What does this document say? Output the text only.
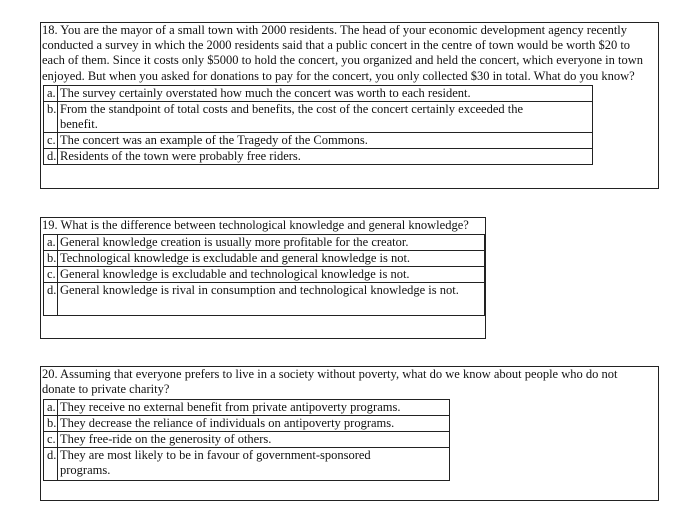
18. You are the mayor of a small town with 2000 residents. The head of your economic development agency recently conducted a survey in which the 2000 residents said that a public concert in the centre of town would be worth $20 to each of them. Since it costs only $5000 to hold the concert, you organized and held the concert, which everyone in town enjoyed. But when you asked for donations to pay for the concert, you only collected $30 in total. What do you know?

a. The survey certainly overstated how much the concert was worth to each resident.
b. From the standpoint of total costs and benefits, the cost of the concert certainly exceeded the benefit.
c. The concert was an example of the Tragedy of the Commons.
d. Residents of the town were probably free riders.

19. What is the difference between technological knowledge and general knowledge?

a. General knowledge creation is usually more profitable for the creator.
b. Technological knowledge is excludable and general knowledge is not.
c. General knowledge is excludable and technological knowledge is not.
d. General knowledge is rival in consumption and technological knowledge is not.

20. Assuming that everyone prefers to live in a society without poverty, what do we know about people who do not donate to private charity?

a. They receive no external benefit from private antipoverty programs.
b. They decrease the reliance of individuals on antipoverty programs.
c. They free-ride on the generosity of others.
d. They are most likely to be in favour of government-sponsored programs.
